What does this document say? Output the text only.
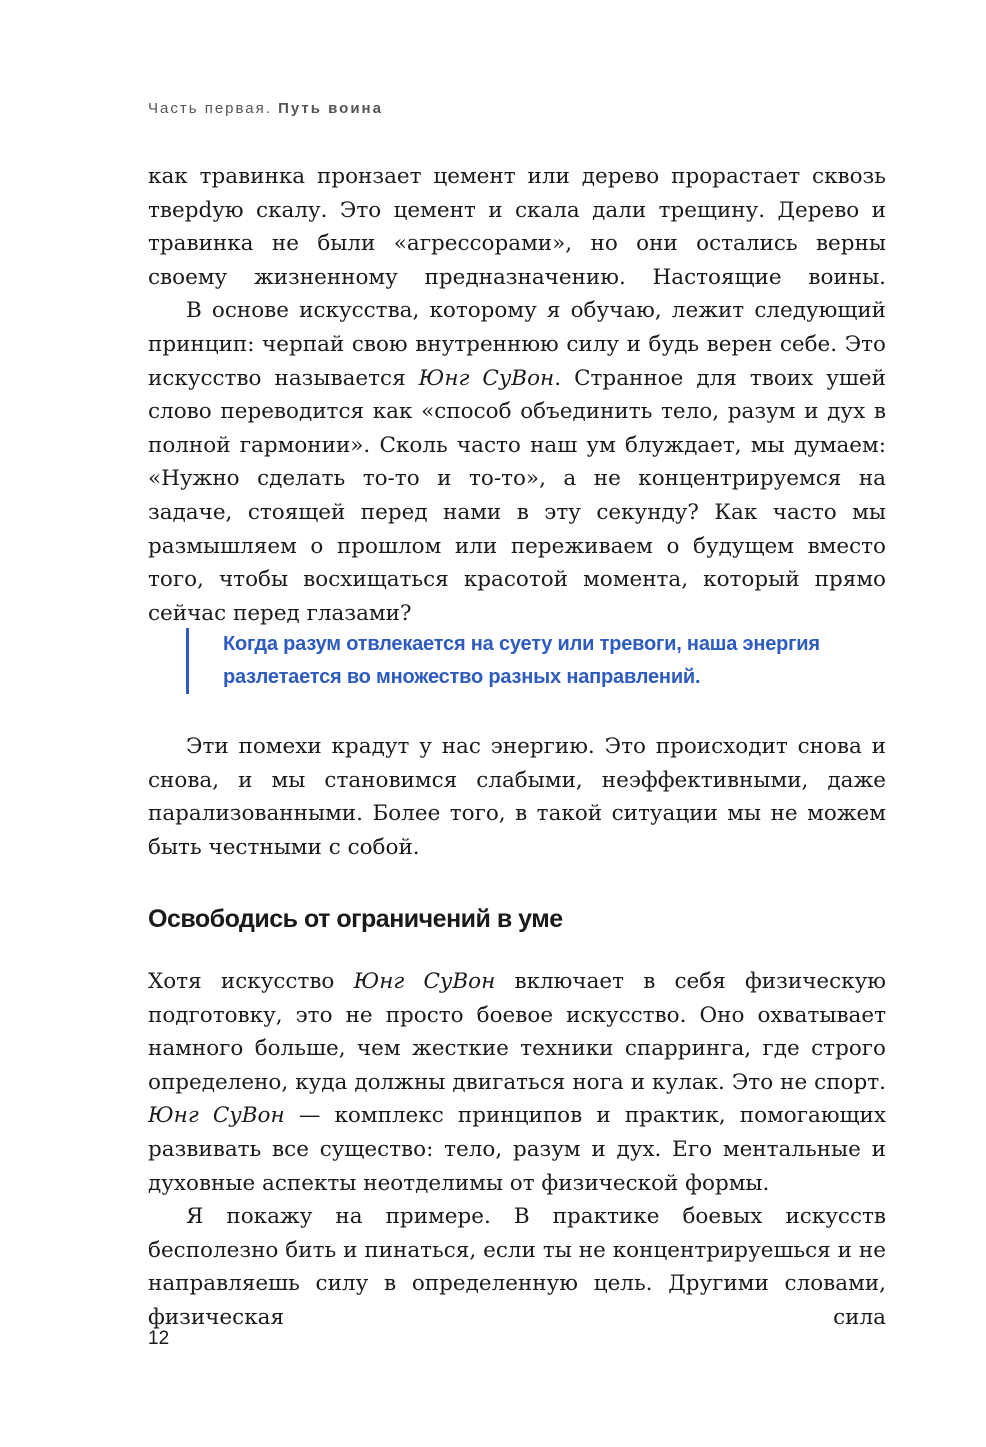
Часть первая. Путь воина

как травинка пронзает цемент или дерево прорастает сквозь тверdую скалу. Это цемент и скала дали трещину. Дерево и травинка не были «агрессорами», но они остались верны своему жизненному предназначению. Настоящие воины.

В основе искусства, которому я обучаю, лежит следующий принцип: черпай свою внутреннюю силу и будь верен себе. Это искусство называется Юнг СуВон. Странное для твоих ушей слово переводится как «способ объединить тело, разум и дух в полной гармонии». Сколь часто наш ум блуждает, мы думаем: «Нужно сделать то-то и то-то», а не концентрируемся на задаче, стоящей перед нами в эту секунду? Как часто мы размышляем о прошлом или переживаем о будущем вместо того, чтобы восхищаться красотой момента, который прямо сейчас перед глазами?

Когда разум отвлекается на суету или тревоги, наша энергия разлетается во множество разных направлений.

Эти помехи крадут у нас энергию. Это происходит снова и снова, и мы становимся слабыми, неэффективными, даже парализованными. Более того, в такой ситуации мы не можем быть честными с собой.

Освободись от ограничений в уме

Хотя искусство Юнг СуВон включает в себя физическую подготовку, это не просто боевое искусство. Оно охватывает намного больше, чем жесткие техники спарринга, где строго определено, куда должны двигаться нога и кулак. Это не спорт. Юнг СуВон — комплекс принципов и практик, помогающих развивать все существо: тело, разум и дух. Его ментальные и духовные аспекты неотделимы от физической формы.

Я покажу на примере. В практике боевых искусств бесполезно бить и пинаться, если ты не концентрируешься и не направляешь силу в определенную цель. Другими словами, физическая сила

12
